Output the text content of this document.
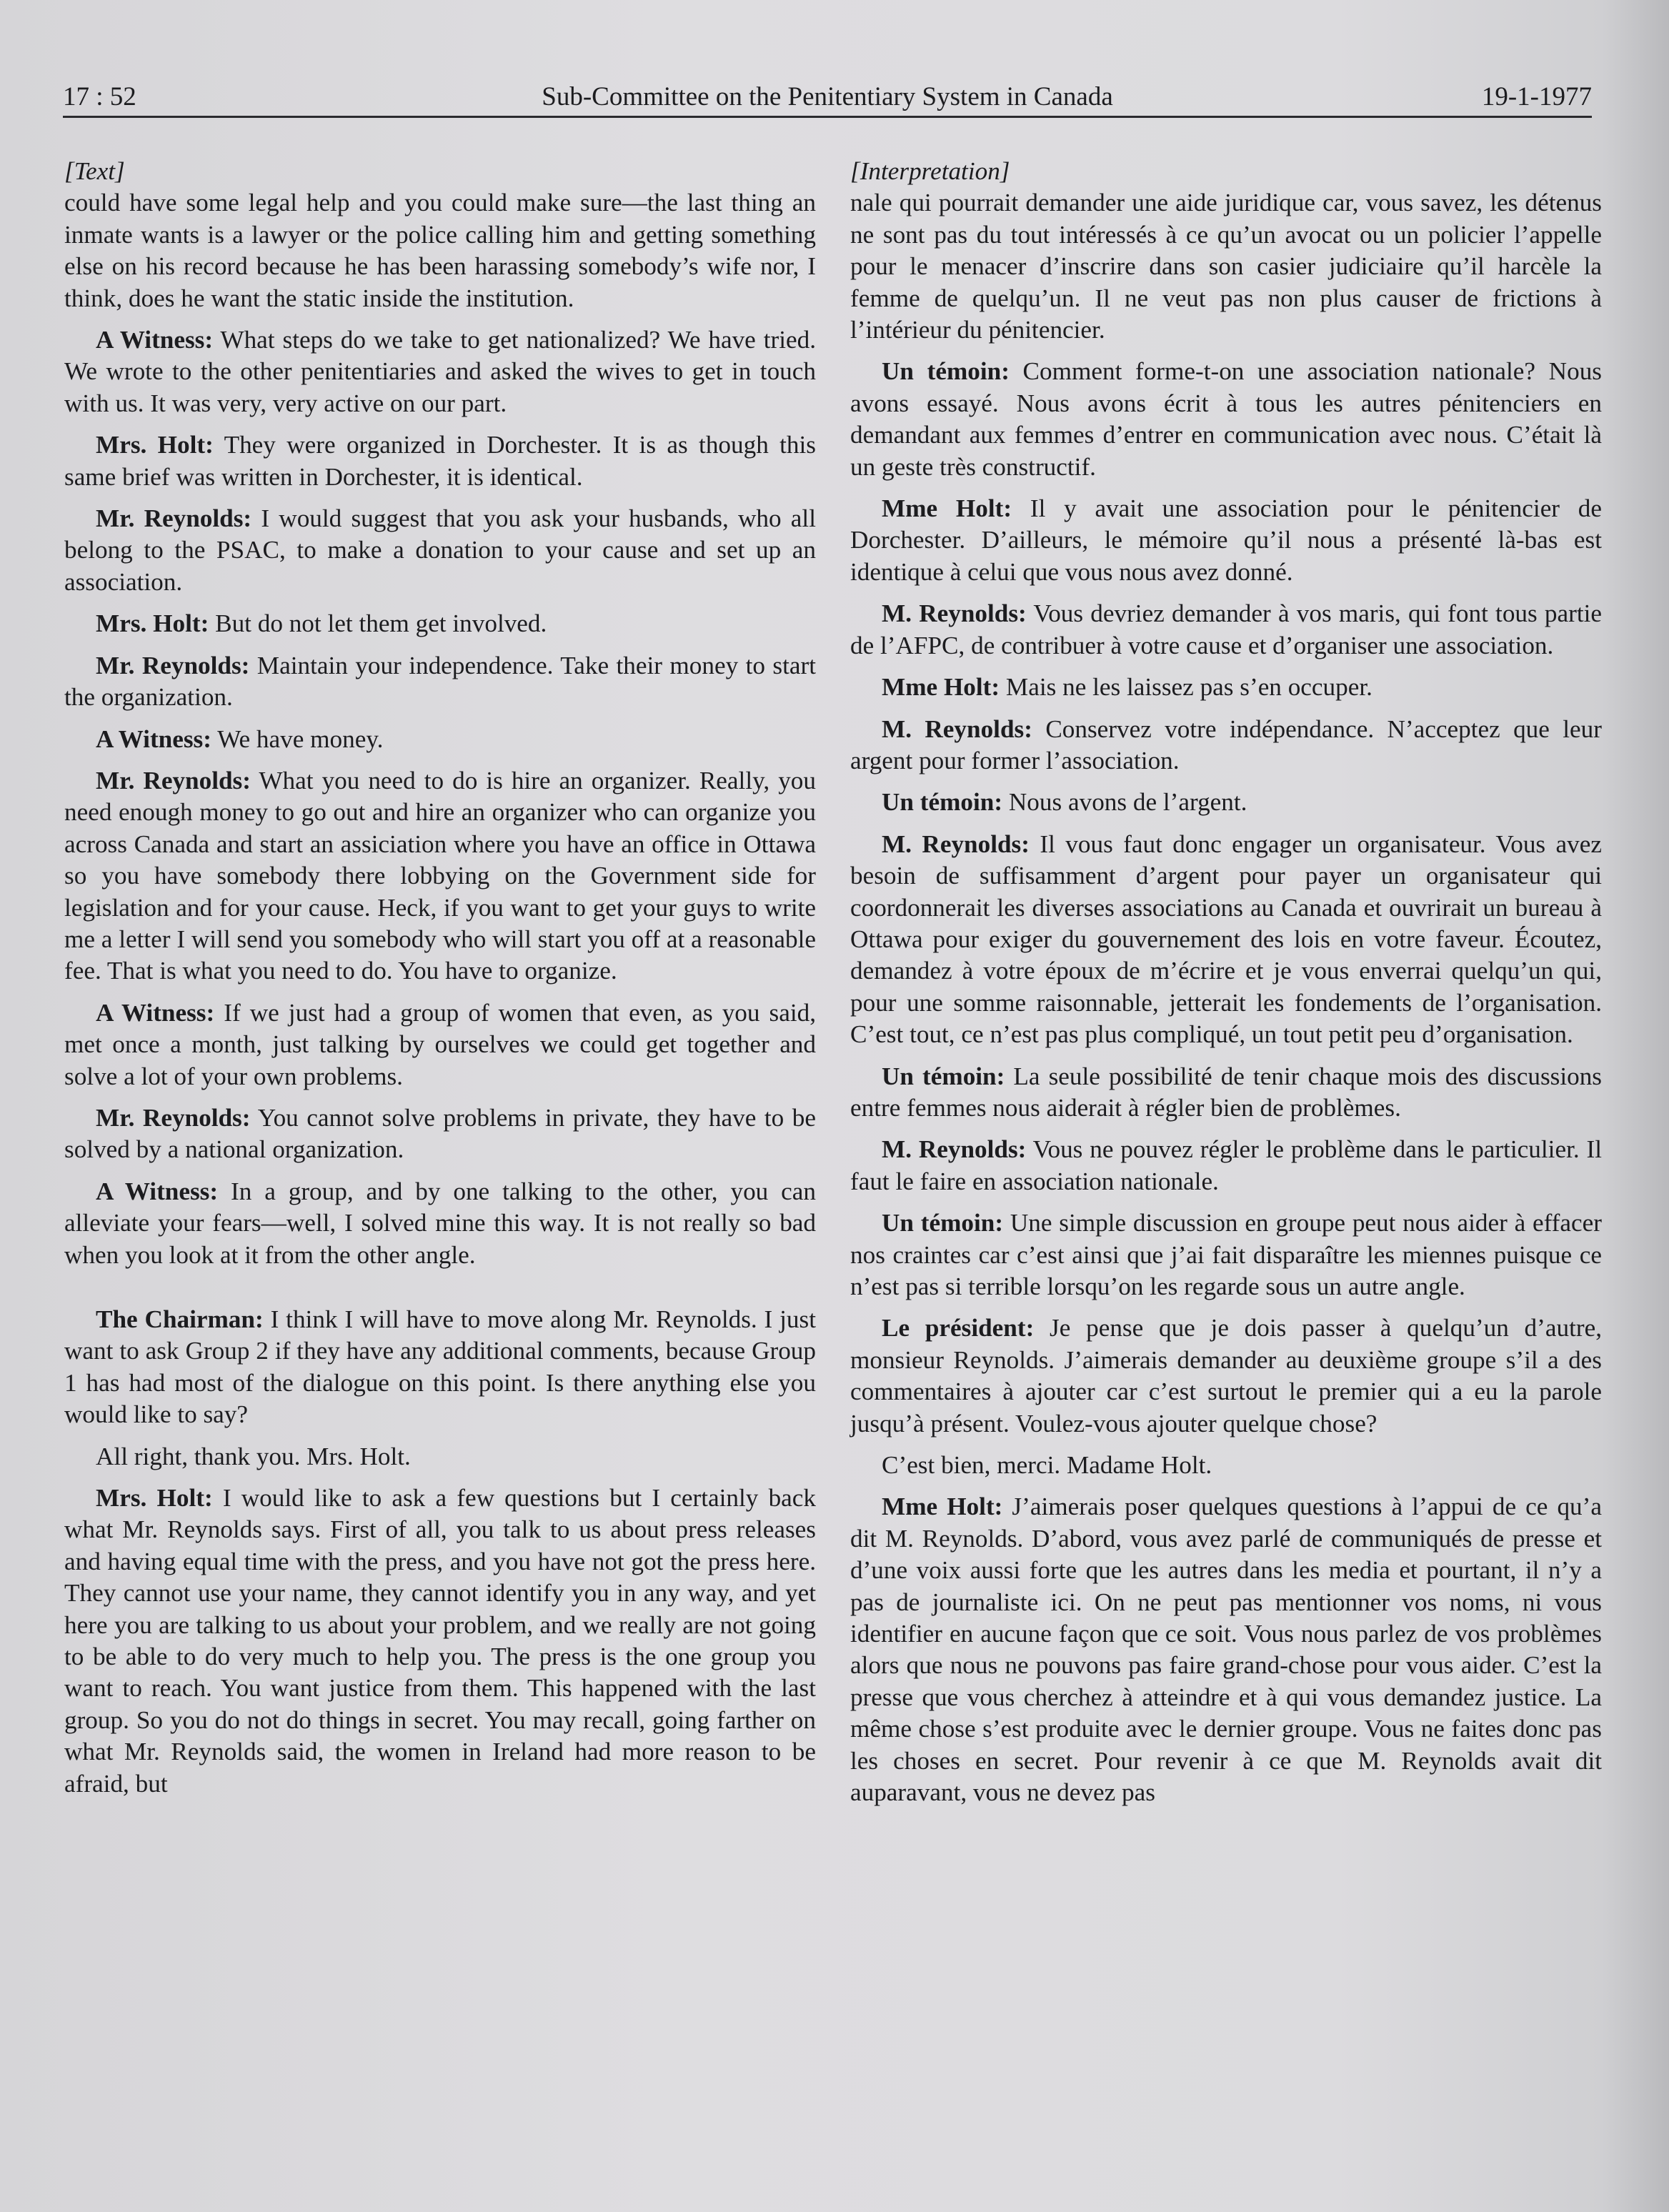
17 : 52	Sub-Committee on the Penitentiary System in Canada	19-1-1977
[Text]

could have some legal help and you could make sure—the last thing an inmate wants is a lawyer or the police calling him and getting something else on his record because he has been harassing somebody’s wife nor, I think, does he want the static inside the institution.

A Witness: What steps do we take to get nationalized? We have tried. We wrote to the other penitentiaries and asked the wives to get in touch with us. It was very, very active on our part.

Mrs. Holt: They were organized in Dorchester. It is as though this same brief was written in Dorchester, it is identical.

Mr. Reynolds: I would suggest that you ask your husbands, who all belong to the PSAC, to make a donation to your cause and set up an association.

Mrs. Holt: But do not let them get involved.

Mr. Reynolds: Maintain your independence. Take their money to start the organization.

A Witness: We have money.

Mr. Reynolds: What you need to do is hire an organizer. Really, you need enough money to go out and hire an organizer who can organize you across Canada and start an assiciation where you have an office in Ottawa so you have somebody there lobbying on the Government side for legislation and for your cause. Heck, if you want to get your guys to write me a letter I will send you somebody who will start you off at a reasonable fee. That is what you need to do. You have to organize.

A Witness: If we just had a group of women that even, as you said, met once a month, just talking by ourselves we could get together and solve a lot of your own problems.

Mr. Reynolds: You cannot solve problems in private, they have to be solved by a national organization.

A Witness: In a group, and by one talking to the other, you can alleviate your fears—well, I solved mine this way. It is not really so bad when you look at it from the other angle.

The Chairman: I think I will have to move along Mr. Reynolds. I just want to ask Group 2 if they have any additional comments, because Group 1 has had most of the dialogue on this point. Is there anything else you would like to say?

All right, thank you. Mrs. Holt.

Mrs. Holt: I would like to ask a few questions but I certainly back what Mr. Reynolds says. First of all, you talk to us about press releases and having equal time with the press, and you have not got the press here. They cannot use your name, they cannot identify you in any way, and yet here you are talking to us about your problem, and we really are not going to be able to do very much to help you. The press is the one group you want to reach. You want justice from them. This happened with the last group. So you do not do things in secret. You may recall, going farther on what Mr. Reynolds said, the women in Ireland had more reason to be afraid, but

[Interpretation]

nale qui pourrait demander une aide juridique car, vous savez, les détenus ne sont pas du tout intéressés à ce qu’un avocat ou un policier l’appelle pour le menacer d’inscrire dans son casier judiciaire qu’il harcèle la femme de quelqu’un. Il ne veut pas non plus causer de frictions à l’intérieur du pénitencier.

Un témoin: Comment forme-t-on une association nationale? Nous avons essayé. Nous avons écrit à tous les autres pénitenciers en demandant aux femmes d’entrer en communication avec nous. C’était là un geste très constructif.

Mme Holt: Il y avait une association pour le pénitencier de Dorchester. D’ailleurs, le mémoire qu’il nous a présenté là-bas est identique à celui que vous nous avez donné.

M. Reynolds: Vous devriez demander à vos maris, qui font tous partie de l’AFPC, de contribuer à votre cause et d’organiser une association.

Mme Holt: Mais ne les laissez pas s’en occuper.

M. Reynolds: Conservez votre indépendance. N’acceptez que leur argent pour former l’association.

Un témoin: Nous avons de l’argent.

M. Reynolds: Il vous faut donc engager un organisateur. Vous avez besoin de suffisamment d’argent pour payer un organisateur qui coordonnerait les diverses associations au Canada et ouvrirait un bureau à Ottawa pour exiger du gouvernement des lois en votre faveur. Écoutez, demandez à votre époux de m’écrire et je vous enverrai quelqu’un qui, pour une somme raisonnable, jetterait les fondements de l’organisation. C’est tout, ce n’est pas plus compliqué, un tout petit peu d’organisation.

Un témoin: La seule possibilité de tenir chaque mois des discussions entre femmes nous aiderait à régler bien de problèmes.

M. Reynolds: Vous ne pouvez régler le problème dans le particulier. Il faut le faire en association nationale.

Un témoin: Une simple discussion en groupe peut nous aider à effacer nos craintes car c’est ainsi que j’ai fait disparaître les miennes puisque ce n’est pas si terrible lorsqu’on les regarde sous un autre angle.

Le président: Je pense que je dois passer à quelqu’un d’autre, monsieur Reynolds. J’aimerais demander au deuxième groupe s’il a des commentaires à ajouter car c’est surtout le premier qui a eu la parole jusqu’à présent. Voulez-vous ajouter quelque chose?

C’est bien, merci. Madame Holt.

Mme Holt: J’aimerais poser quelques questions à l’appui de ce qu’a dit M. Reynolds. D’abord, vous avez parlé de communiqués de presse et d’une voix aussi forte que les autres dans les media et pourtant, il n’y a pas de journaliste ici. On ne peut pas mentionner vos noms, ni vous identifier en aucune façon que ce soit. Vous nous parlez de vos problèmes alors que nous ne pouvons pas faire grand-chose pour vous aider. C’est la presse que vous cherchez à atteindre et à qui vous demandez justice. La même chose s’est produite avec le dernier groupe. Vous ne faites donc pas les choses en secret. Pour revenir à ce que M. Reynolds avait dit auparavant, vous ne devez pas
